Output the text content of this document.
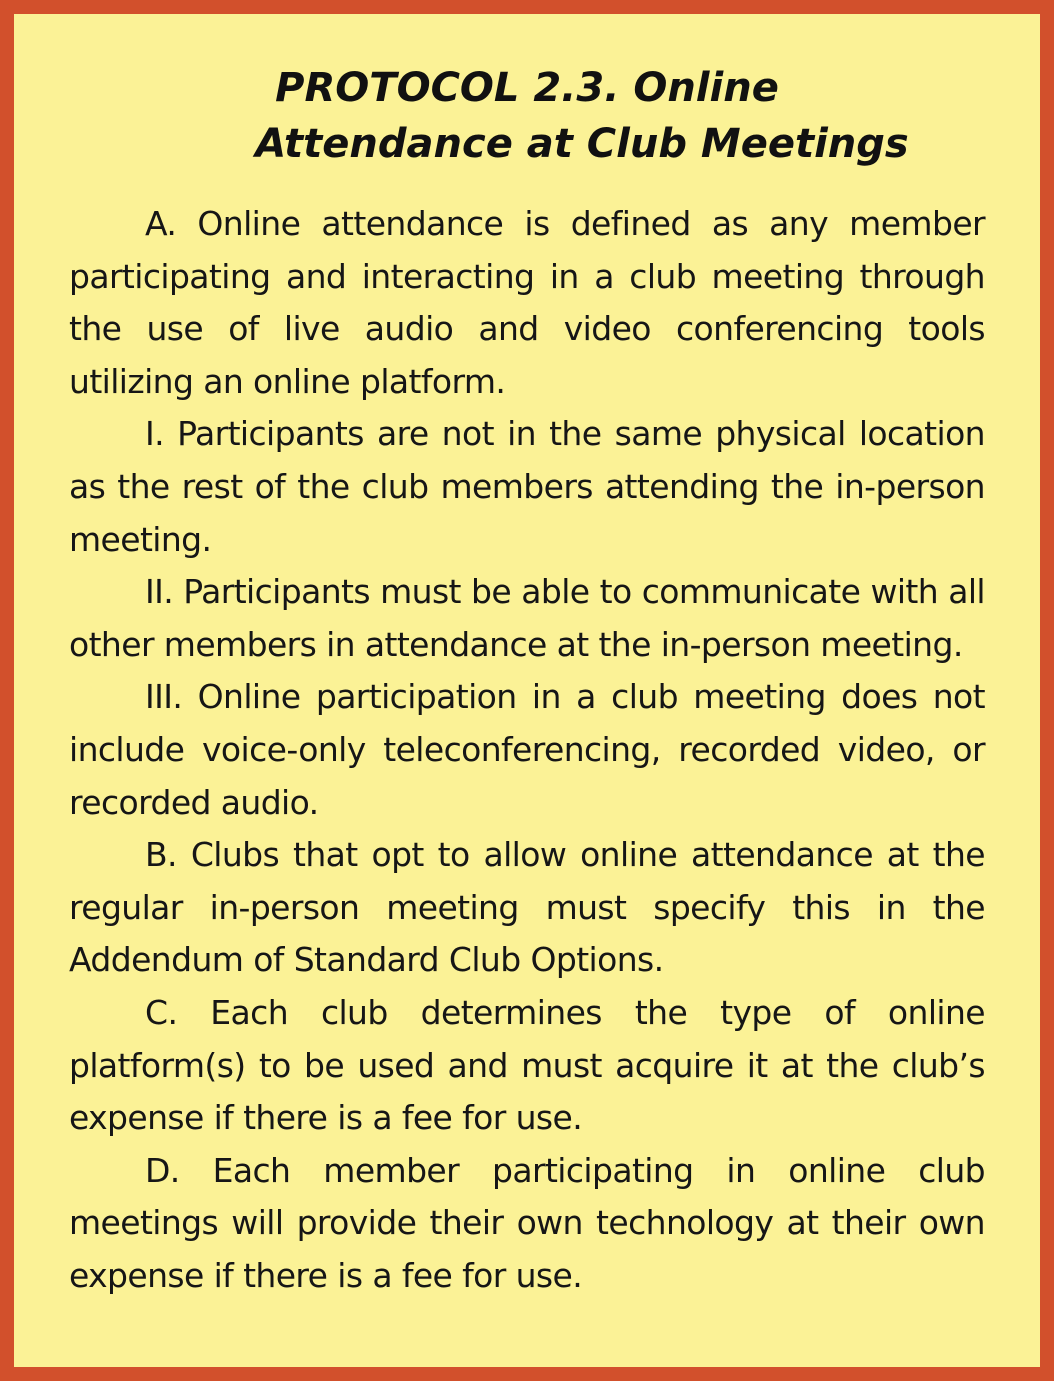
PROTOCOL 2.3. Online
Attendance at Club Meetings

A. Online attendance is defined as any member participating and interacting in a club meeting through the use of live audio and video conferencing tools utilizing an online platform.

I. Participants are not in the same physical location as the rest of the club members attending the in-person meeting.

II. Participants must be able to communicate with all other members in attendance at the in-person meeting.

III. Online participation in a club meeting does not include voice-only teleconferencing, recorded video, or recorded audio.

B. Clubs that opt to allow online attendance at the regular in-person meeting must specify this in the Addendum of Standard Club Options.

C. Each club determines the type of online platform(s) to be used and must acquire it at the club’s expense if there is a fee for use.

D. Each member participating in online club meetings will provide their own technology at their own expense if there is a fee for use.
